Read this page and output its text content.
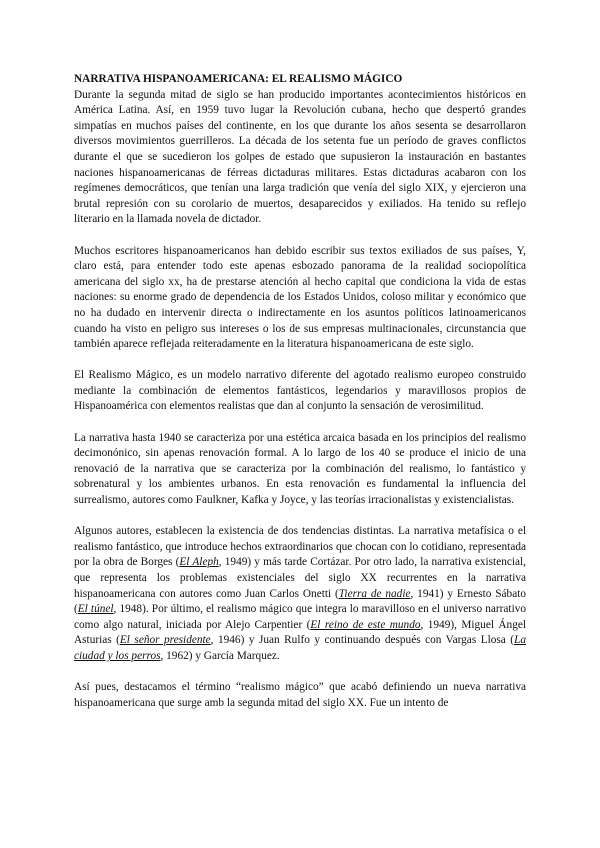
NARRATIVA HISPANOAMERICANA: EL REALISMO MÁGICO

Durante la segunda mitad de siglo se han producido importantes acontecimientos históricos en América Latina. Así, en 1959 tuvo lugar la Revolución cubana, hecho que despertó grandes simpatías en muchos países del continente, en los que durante los años sesenta se desarrollaron diversos movimientos guerrilleros. La década de los setenta fue un período de graves conflictos durante el que se sucedieron los golpes de estado que supusieron la instauración en bastantes naciones hispanoamericanas de férreas dictaduras militares. Estas dictaduras acabaron con los regímenes democráticos, que tenían una larga tradición que venía del siglo XIX, y ejercieron una brutal represión con su corolario de muertos, desaparecidos y exiliados. Ha tenido su reflejo literario en la llamada novela de dictador.

Muchos escritores hispanoamericanos han debido escribir sus textos exiliados de sus países, Y, claro está, para entender todo este apenas esbozado panorama de la realidad sociopolítica americana del siglo xx, ha de prestarse atención al hecho capital que condiciona la vida de estas naciones: su enorme grado de dependencia de los Estados Unidos, coloso militar y económico que no ha dudado en intervenir directa o indirectamente en los asuntos políticos latinoamericanos cuando ha visto en peligro sus intereses o los de sus empresas multinacionales, circunstancia que también aparece reflejada reiteradamente en la literatura hispanoamericana de este siglo.

El Realismo Mágico, es un modelo narrativo diferente del agotado realismo europeo construido mediante la combinación de elementos fantásticos, legendarios y maravillosos propios de Hispanoamérica con elementos realistas que dan al conjunto la sensación de verosimilitud.

La narrativa hasta 1940 se caracteriza por una estética arcaica basada en los principios del realismo decimonónico, sin apenas renovación formal. A lo largo de los 40 se produce el inicio de una renovació de la narrativa que se caracteriza por la combinación del realismo, lo fantástico y sobrenatural y los ambientes urbanos. En esta renovación es fundamental la influencia del surrealismo, autores como Faulkner, Kafka y Joyce, y las teorías irracionalistas y existencialistas.

Algunos autores, establecen la existencia de dos tendencias distintas. La narrativa metafísica o el realismo fantástico, que introduce hechos extraordinarios que chocan con lo cotidiano, representada por la obra de Borges (El Aleph, 1949) y más tarde Cortázar. Por otro lado, la narrativa existencial, que representa los problemas existenciales del siglo XX recurrentes en la narrativa hispanoamericana con autores como Juan Carlos Onetti (Tierra de nadie, 1941) y Ernesto Sábato (El túnel, 1948). Por último, el realismo mágico que integra lo maravilloso en el universo narrativo como algo natural, iniciada por Alejo Carpentier (El reino de este mundo, 1949), Miguel Ángel Asturias (El señor presidente, 1946) y Juan Rulfo y continuando después con Vargas Llosa (La ciudad y los perros, 1962) y García Marquez.

Así pues, destacamos el término “realismo mágico” que acabó definiendo un nueva narrativa hispanoamericana que surge amb la segunda mitad del siglo XX. Fue un intento de
